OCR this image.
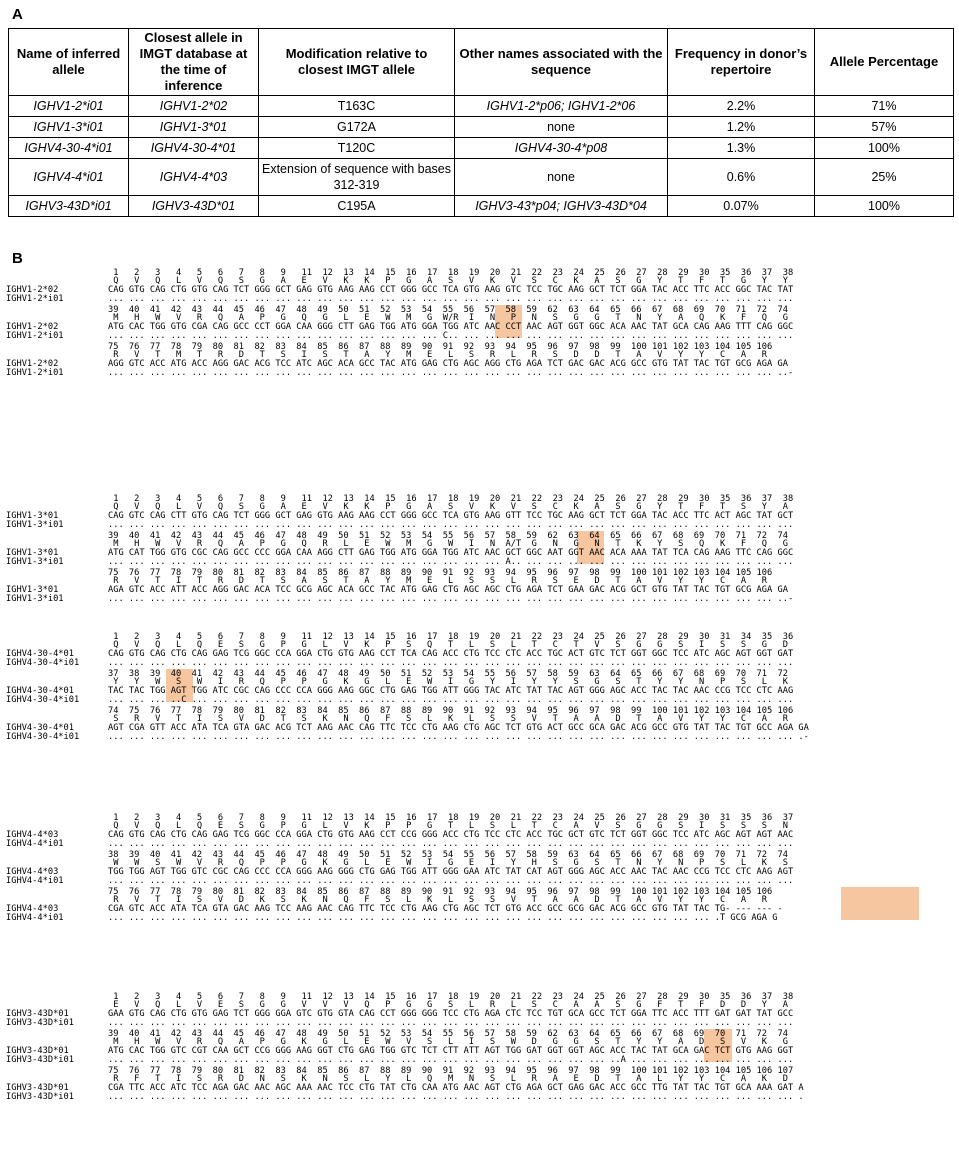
A
Name of inferred allele	Closest allele in IMGT database at the time of inference	Modification relative to closest IMGT allele	Other names associated with the sequence	Frequency in donor’s repertoire	Allele Percentage
IGHV1-2*i01	IGHV1-2*02	T163C	IGHV1-2*p06; IGHV1-2*06	2.2%	71%
IGHV1-3*i01	IGHV1-3*01	G172A	none	1.2%	57%
IGHV4-30-4*i01	IGHV4-30-4*01	T120C	IGHV4-30-4*p08	1.3%	100%
IGHV4-4*i01	IGHV4-4*03	Extension of sequence with bases 312-319	none	0.6%	25%
IGHV3-43D*i01	IGHV3-43D*01	C195A	IGHV3-43*p04; IGHV3-43D*04	0.07%	100%
B
1   2   3   4   5   6   7   8   9   11  12  13  14  15  16  17  18  19  20  21  22  23  24  25  26  27  28  29  30  35  36  37  38
Q   V   Q   L   V   Q   S   G   A   E   V   K   K   P   G   A   S   V   K   V   S   C   K   A   S   G   Y   T   F   T   G   Y   Y
CAG GTG CAG CTG GTG CAG TCT GGG GCT GAG GTG AAG AAG CCT GGG GCC TCA GTG AAG GTC TCC TGC AAG GCT TCT GGA TAC ACC TTC ACC GGC TAC TAT
... ... ... ... ... ... ... ... ... ... ... ... ... ... ... ... ... ... ... ... ... ... ... ... ... ... ... ... ... ... ... ... ...
IGHV1-2*02
IGHV1-2*i01
39  40  41  42  43  44  45  46  47  48  49  50  51  52  53  54  55  56  57  58  59  62  63  64  65  66  67  68  69  70  71  72  74
M   H   W   V   R   Q   A   P   G   Q   G   L   E   W   M   G  W/R  I   N   P   N   S   G   G   T   N   Y   A   Q   K   F   Q   G
ATG CAC TGG GTG CGA CAG GCC CCT GGA CAA GGG CTT GAG TGG ATG GGA TGG ATC AAC CCT AAC AGT GGT GGC ACA AAC TAT GCA CAG AAG TTT CAG GGC
... ... ... ... ... ... ... ... ... ... ... ... ... ... ... ... C.. ... ... ... ... ... ... ... ... ... ... ... ... ... ... ... ...
IGHV1-2*02
IGHV1-2*i01
75  76  77  78  79  80  81  82  83  84  85  86  87  88  89  90  91  92  93  94  95  96  97  98  99  100 101 102 103 104 105 106
R   V   T   M   T   R   D   T   S   I   S   T   A   Y   M   E   L   S   R   L   R   S   D   D   T   A   V   Y   Y   C   A   R
AGG GTC ACC ATG ACC AGG GAC ACG TCC ATC AGC ACA GCC TAC ATG GAG CTG AGC AGG CTG AGA TCT GAC GAC ACG GCC GTG TAT TAC TGT GCG AGA GA
... ... ... ... ... ... ... ... ... ... ... ... ... ... ... ... ... ... ... ... ... ... ... ... ... ... ... ... ... ... ... ... ..-
IGHV1-2*02
IGHV1-2*i01
1   2   3   4   5   6   7   8   9   11  12  13  14  15  16  17  18  19  20  21  22  23  24  25  26  27  28  29  30  35  36  37  38
Q   V   Q   L   V   Q   S   G   A   E   V   K   K   P   G   A   S   V   K   V   S   C   K   A   S   G   Y   T   F   T   S   Y   A
CAG GTC CAG CTT GTG CAG TCT GGG GCT GAG GTG AAG AAG CCT GGG GCC TCA GTG AAG GTT TCC TGC AAG GCT TCT GGA TAC ACC TTC ACT AGC TAT GCT
... ... ... ... ... ... ... ... ... ... ... ... ... ... ... ... ... ... ... ... ... ... ... ... ... ... ... ... ... ... ... ... ...
IGHV1-3*01
IGHV1-3*i01
39  40  41  42  43  44  45  46  47  48  49  50  51  52  53  54  55  56  57  58  59  62  63  64  65  66  67  68  69  70  71  72  74
M   H   W   V   R   Q   A   P   G   Q   R   L   E   W   M   G   W   I   N  A/T  G   N   G   N   T   K   Y   S   Q   K   F   Q   G
ATG CAT TGG GTG CGC CAG GCC CCC GGA CAA AGG CTT GAG TGG ATG GGA TGG ATC AAC GCT GGC AAT GGT AAC ACA AAA TAT TCA CAG AAG TTC CAG GGC
... ... ... ... ... ... ... ... ... ... ... ... ... ... ... ... ... ... ... A.. ... ... ... ... ... ... ... ... ... ... ... ... ...
IGHV1-3*01
IGHV1-3*i01
75  76  77  78  79  80  81  82  83  84  85  86  87  88  89  90  91  92  93  94  95  96  97  98  99  100 101 102 103 104 105 106
R   V   T   I   T   R   D   T   S   A   S   T   A   Y   M   E   L   S   S   L   R   S   E   D   T   A   V   Y   Y   C   A   R
AGA GTC ACC ATT ACC AGG GAC ACA TCC GCG AGC ACA GCC TAC ATG GAG CTG AGC AGC CTG AGA TCT GAA GAC ACG GCT GTG TAT TAC TGT GCG AGA GA
... ... ... ... ... ... ... ... ... ... ... ... ... ... ... ... ... ... ... ... ... ... ... ... ... ... ... ... ... ... ... ... ..-
IGHV1-3*01
IGHV1-3*i01
1   2   3   4   5   6   7   8   9   11  12  13  14  15  16  17  18  19  20  21  22  23  24  25  26  27  28  29  30  31  34  35  36
Q   V   Q   L   Q   E   S   G   P   G   L   V   K   P   S   Q   T   L   S   L   T   C   T   V   S   G   G   S   I   S   S   G   D
CAG GTG CAG CTG CAG GAG TCG GGC CCA GGA CTG GTG AAG CCT TCA CAG ACC CTG TCC CTC ACC TGC ACT GTC TCT GGT GGC TCC ATC AGC AGT GGT GAT
... ... ... ... ... ... ... ... ... ... ... ... ... ... ... ... ... ... ... ... ... ... ... ... ... ... ... ... ... ... ... ... ...
IGHV4-30-4*01
IGHV4-30-4*i01
37  38  39  40  41  42  43  44  45  46  47  48  49  50  51  52  53  54  55  56  57  58  59  63  64  65  66  67  68  69  70  71  72
Y   Y   W   S   W   I   R   Q   P   P   G   K   G   L   E   W   I   G   Y   I   Y   Y   S   G   S   T   Y   Y   N   P   S   L   K
TAC TAC TGG AGT TGG ATC CGC CAG CCC CCA GGG AAG GGC CTG GAG TGG ATT GGG TAC ATC TAT TAC AGT GGG AGC ACC TAC TAC AAC CCG TCC CTC AAG
... ... ... ..C ... ... ... ... ... ... ... ... ... ... ... ... ... ... ... ... ... ... ... ... ... ... ... ... ... ... ... ... ...
IGHV4-30-4*01
IGHV4-30-4*i01
74  75  76  77  78  79  80  81  82  83  84  85  86  87  88  89  90  91  92  93  94  95  96  97  98  99  100 101 102 103 104 105 106
S   R   V   T   I   S   V   D   T   S   K   N   Q   F   S   L   K   L   S   S   V   T   A   A   D   T   A   V   Y   Y   C   A   R
AGT CGA GTT ACC ATA TCA GTA GAC ACG TCT AAG AAC CAG TTC TCC CTG AAG CTG AGC TCT GTG ACT GCC GCA GAC ACG GCC GTG TAT TAC TGT GCC AGA GA
... ... ... ... ... ... ... ... ... ... ... ... ... ... ... ... ... ... ... ... ... ... ... ... ... ... ... ... ... ... ... ... ... .-
IGHV4-30-4*01
IGHV4-30-4*i01
1   2   3   4   5   6   7   8   9   11  12  13  14  15  16  17  18  19  20  21  22  23  24  25  26  27  28  29  30  31  35  36  37
Q   V   Q   L   Q   E   S   G   P   G   L   V   K   P   P   G   T   L   S   L   T   C   A   V   S   G   G   S   I   S   S   S   N
CAG GTG CAG CTG CAG GAG TCG GGC CCA GGA CTG GTG AAG CCT CCG GGG ACC CTG TCC CTC ACC TGC GCT GTC TCT GGT GGC TCC ATC AGC AGT AGT AAC
... ... ... ... ... ... ... ... ... ... ... ... ... ... ... ... ... ... ... ... ... ... ... ... ... ... ... ... ... ... ... ... ...
IGHV4-4*03
IGHV4-4*i01
38  39  40  41  42  43  44  45  46  47  48  49  50  51  52  53  54  55  56  57  58  59  63  64  65  66  67  68  69  70  71  72  74
W   W   S   W   V   R   Q   P   P   G   K   G   L   E   W   I   G   E   I   Y   H   S   G   S   T   N   Y   N   P   S   L   K   S
TGG TGG AGT TGG GTC CGC CAG CCC CCA GGG AAG GGG CTG GAG TGG ATT GGG GAA ATC TAT CAT AGT GGG AGC ACC AAC TAC AAC CCG TCC CTC AAG AGT
... ... ... ... ... ... ... ... ... ... ... ... ... ... ... ... ... ... ... ... ... ... ... ... ... ... ... ... ... ... ... ... ...
IGHV4-4*03
IGHV4-4*i01
75  76  77  78  79  80  81  82  83  84  85  86  87  88  89  90  91  92  93  94  95  96  97  98  99  100 101 102 103 104 105 106
R   V   T   I   S   V   D   K   S   K   N   Q   F   S   L   K   L   S   S   V   T   A   A   D   T   A   V   Y   Y   C   A   R
CGA GTC ACC ATA TCA GTA GAC AAG TCC AAG AAC CAG TTC TCC CTG AAG CTG AGC TCT GTG ACC GCC GCG GAC ACG GCC GTG TAT TAC TG- --- --- -
... ... ... ... ... ... ... ... ... ... ... ... ... ... ... ... ... ... ... ... ... ... ... ... ... ... ... ... ... .T GCG AGA G
IGHV4-4*03
IGHV4-4*i01
1   2   3   4   5   6   7   8   9   11  12  13  14  15  16  17  18  19  20  21  22  23  24  25  26  27  28  29  30  35  36  37  38
E   V   Q   L   V   E   S   G   G   V   V   V   Q   P   G   G   S   L   R   L   S   C   A   A   S   G   F   T   F   D   D   Y   A
GAA GTG CAG CTG GTG GAG TCT GGG GGA GTC GTG GTA CAG CCT GGG GGG TCC CTG AGA CTC TCC TGT GCA GCC TCT GGA TTC ACC TTT GAT GAT TAT GCC
... ... ... ... ... ... ... ... ... ... ... ... ... ... ... ... ... ... ... ... ... ... ... ... ... ... ... ... ... ... ... ... ...
IGHV3-43D*01
IGHV3-43D*i01
39  40  41  42  43  44  45  46  47  48  49  50  51  52  53  54  55  56  57  58  59  62  63  64  65  66  67  68  69  70  71  72  74
M   H   W   V   R   Q   A   P   G   K   G   L   E   W   V   S   L   I   S   W   D   G   G   S   T   Y   Y   A   D   S   V   K   G
ATG CAC TGG GTC CGT CAA GCT CCG GGG AAG GGT CTG GAG TGG GTC TCT CTT ATT AGT TGG GAT GGT GGT AGC ACC TAC TAT GCA GAC TCT GTG AAG GGT
... ... ... ... ... ... ... ... ... ... ... ... ... ... ... ... ... ... ... ... ... ... ... ... ..A ... ... ... ... ... ... ... ...
IGHV3-43D*01
IGHV3-43D*i01
75  76  77  78  79  80  81  82  83  84  85  86  87  88  89  90  91  92  93  94  95  96  97  98  99  100 101 102 103 104 105 106 107
R   F   T   I   S   R   D   N   S   K   N   S   L   Y   L   Q   M   N   S   L   R   A   E   D   T   A   L   Y   Y   C   A   K   D
CGA TTC ACC ATC TCC AGA GAC AAC AGC AAA AAC TCC CTG TAT CTG CAA ATG AAC AGT CTG AGA GCT GAG GAC ACC GCC TTG TAT TAC TGT GCA AAA GAT A
... ... ... ... ... ... ... ... ... ... ... ... ... ... ... ... ... ... ... ... ... ... ... ... ... ... ... ... ... ... ... ... ... .
IGHV3-43D*01
IGHV3-43D*i01
